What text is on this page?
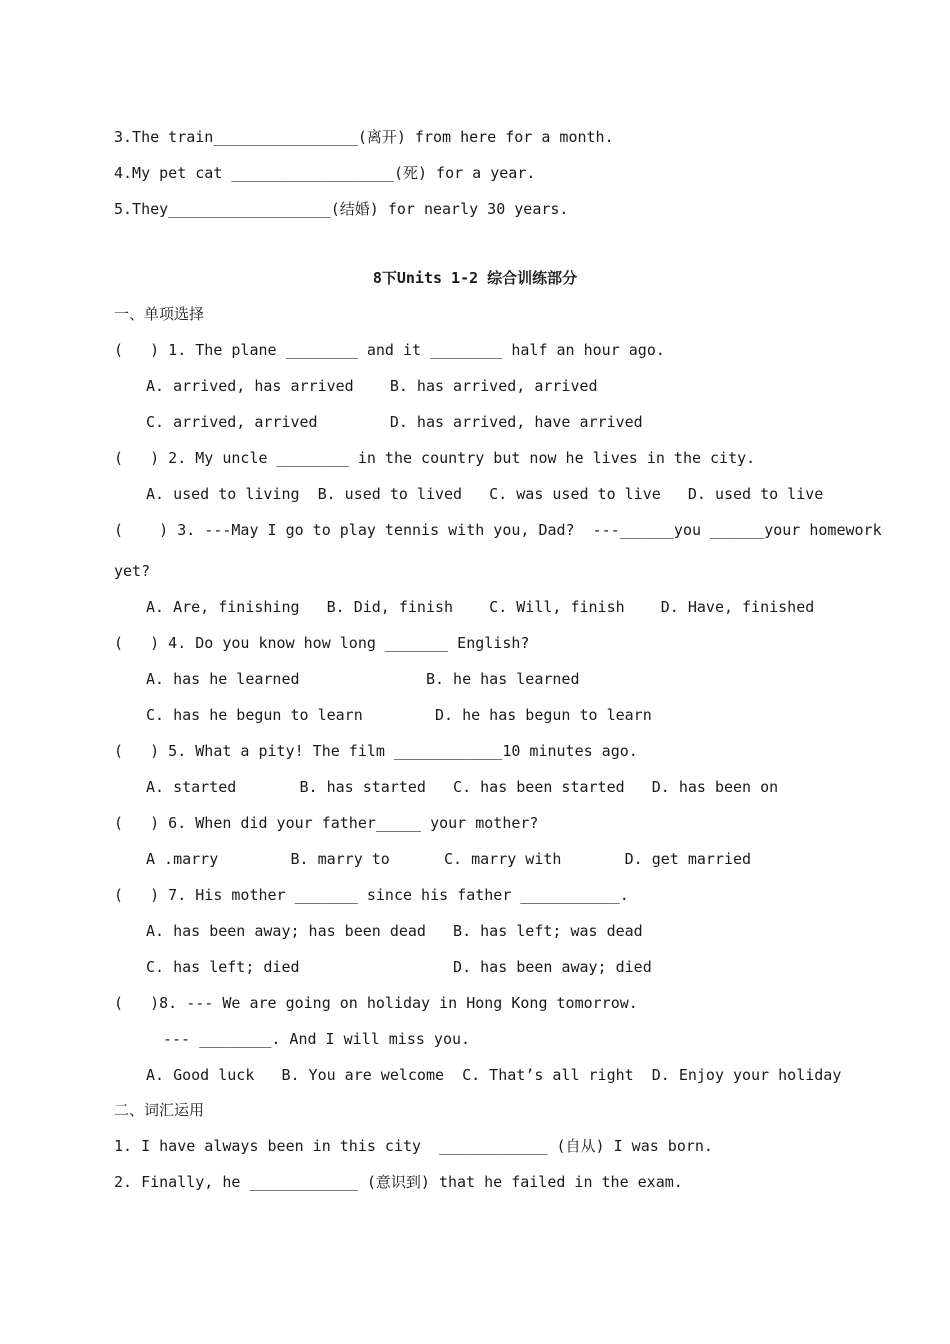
3.The train________________(离开) from here for a month.
4.My pet cat __________________(死) for a year.
5.They__________________(结婚) for nearly 30 years.
8下Units 1-2 综合训练部分
一、单项选择
(   ) 1. The plane ________ and it ________ half an hour ago.
A. arrived, has arrived    B. has arrived, arrived
C. arrived, arrived        D. has arrived, have arrived
(   ) 2. My uncle ________ in the country but now he lives in the city.
A. used to living  B. used to lived   C. was used to live   D. used to live
(    ) 3. ---May I go to play tennis with you, Dad?  ---______you ______your homework
yet?
A. Are, finishing   B. Did, finish    C. Will, finish    D. Have, finished
(   ) 4. Do you know how long _______ English?
A. has he learned              B. he has learned
C. has he begun to learn        D. he has begun to learn
(   ) 5. What a pity! The film ____________10 minutes ago.
A. started       B. has started   C. has been started   D. has been on
(   ) 6. When did your father_____ your mother?
A .marry        B. marry to      C. marry with       D. get married
(   ) 7. His mother _______ since his father ___________.
A. has been away; has been dead   B. has left; was dead
C. has left; died                 D. has been away; died
(   )8. --- We are going on holiday in Hong Kong tomorrow.
--- ________. And I will miss you.
A. Good luck   B. You are welcome  C. That’s all right  D. Enjoy your holiday
二、词汇运用
1. I have always been in this city  ____________ (自从) I was born.
2. Finally, he ____________ (意识到) that he failed in the exam.
